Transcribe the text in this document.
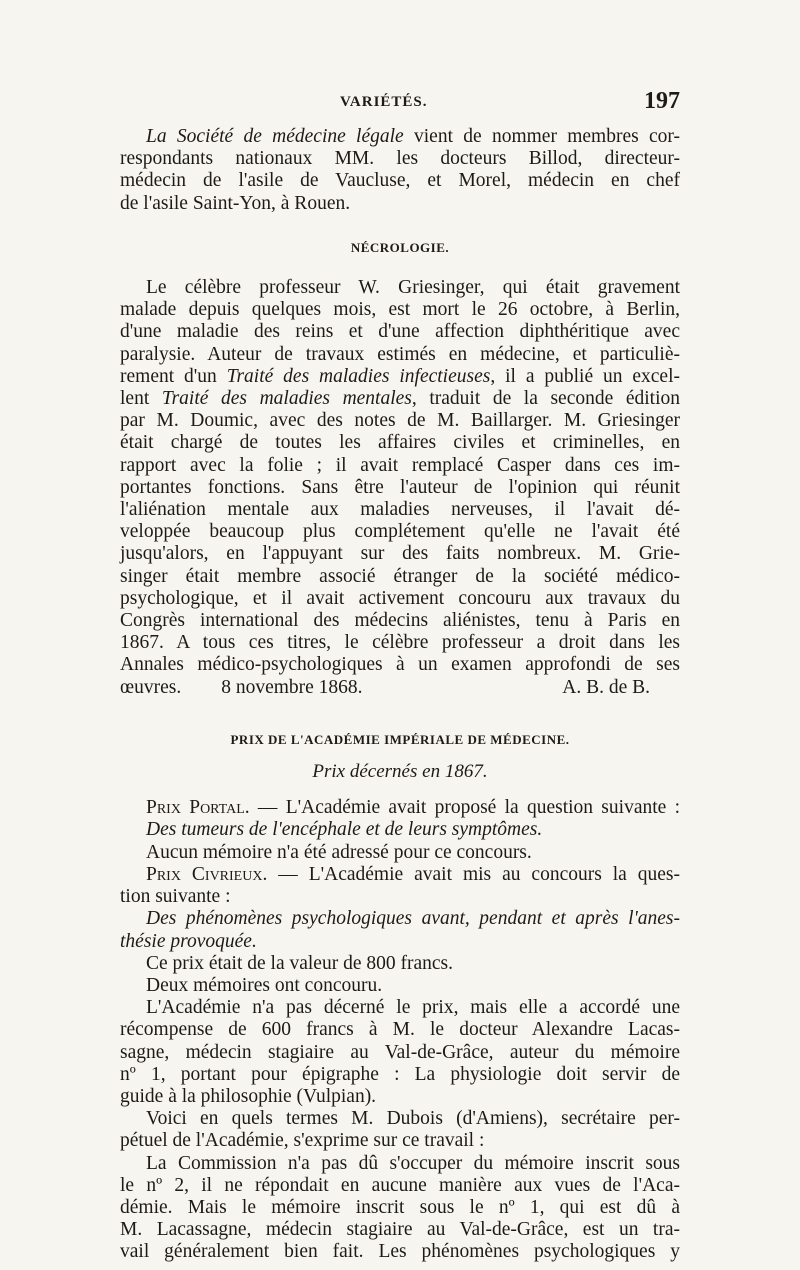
VARIÉTÉS.	197
La Société de médecine légale vient de nommer membres cor-
respondants nationaux MM. les docteurs Billod, directeur-
médecin de l'asile de Vaucluse, et Morel, médecin en chef
de l'asile Saint-Yon, à Rouen.
NÉCROLOGIE.
Le célèbre professeur W. Griesinger, qui était gravement
malade depuis quelques mois, est mort le 26 octobre, à Berlin,
d'une maladie des reins et d'une affection diphthéritique avec
paralysie. Auteur de travaux estimés en médecine, et particuliè-
rement d'un Traité des maladies infectieuses, il a publié un excel-
lent Traité des maladies mentales, traduit de la seconde édition
par M. Doumic, avec des notes de M. Baillarger. M. Griesinger
était chargé de toutes les affaires civiles et criminelles, en
rapport avec la folie ; il avait remplacé Casper dans ces im-
portantes fonctions. Sans être l'auteur de l'opinion qui réunit
l'aliénation mentale aux maladies nerveuses, il l'avait dé-
veloppée beaucoup plus complétement qu'elle ne l'avait été
jusqu'alors, en l'appuyant sur des faits nombreux. M. Grie-
singer était membre associé étranger de la société médico-
psychologique, et il avait activement concouru aux travaux du
Congrès international des médecins aliénistes, tenu à Paris en
1867. A tous ces titres, le célèbre professeur a droit dans les
Annales médico-psychologiques à un examen approfondi de ses
œuvres. 8 novembre 1868.	A. B. de B.
PRIX DE L'ACADÉMIE IMPÉRIALE DE MÉDECINE.
Prix décernés en 1867.
Prix Portal. — L'Académie avait proposé la question suivante :
Des tumeurs de l'encéphale et de leurs symptômes.
Aucun mémoire n'a été adressé pour ce concours.
Prix Civrieux. — L'Académie avait mis au concours la ques-
tion suivante :
Des phénomènes psychologiques avant, pendant et après l'anes-
thésie provoquée.
Ce prix était de la valeur de 800 francs.
Deux mémoires ont concouru.
L'Académie n'a pas décerné le prix, mais elle a accordé une
récompense de 600 francs à M. le docteur Alexandre Lacas-
sagne, médecin stagiaire au Val-de-Grâce, auteur du mémoire
nº 1, portant pour épigraphe : La physiologie doit servir de
guide à la philosophie (Vulpian).
Voici en quels termes M. Dubois (d'Amiens), secrétaire per-
pétuel de l'Académie, s'exprime sur ce travail :
La Commission n'a pas dû s'occuper du mémoire inscrit sous
le nº 2, il ne répondait en aucune manière aux vues de l'Aca-
démie. Mais le mémoire inscrit sous le nº 1, qui est dû à
M. Lacassagne, médecin stagiaire au Val-de-Grâce, est un tra-
vail généralement bien fait. Les phénomènes psychologiques y
